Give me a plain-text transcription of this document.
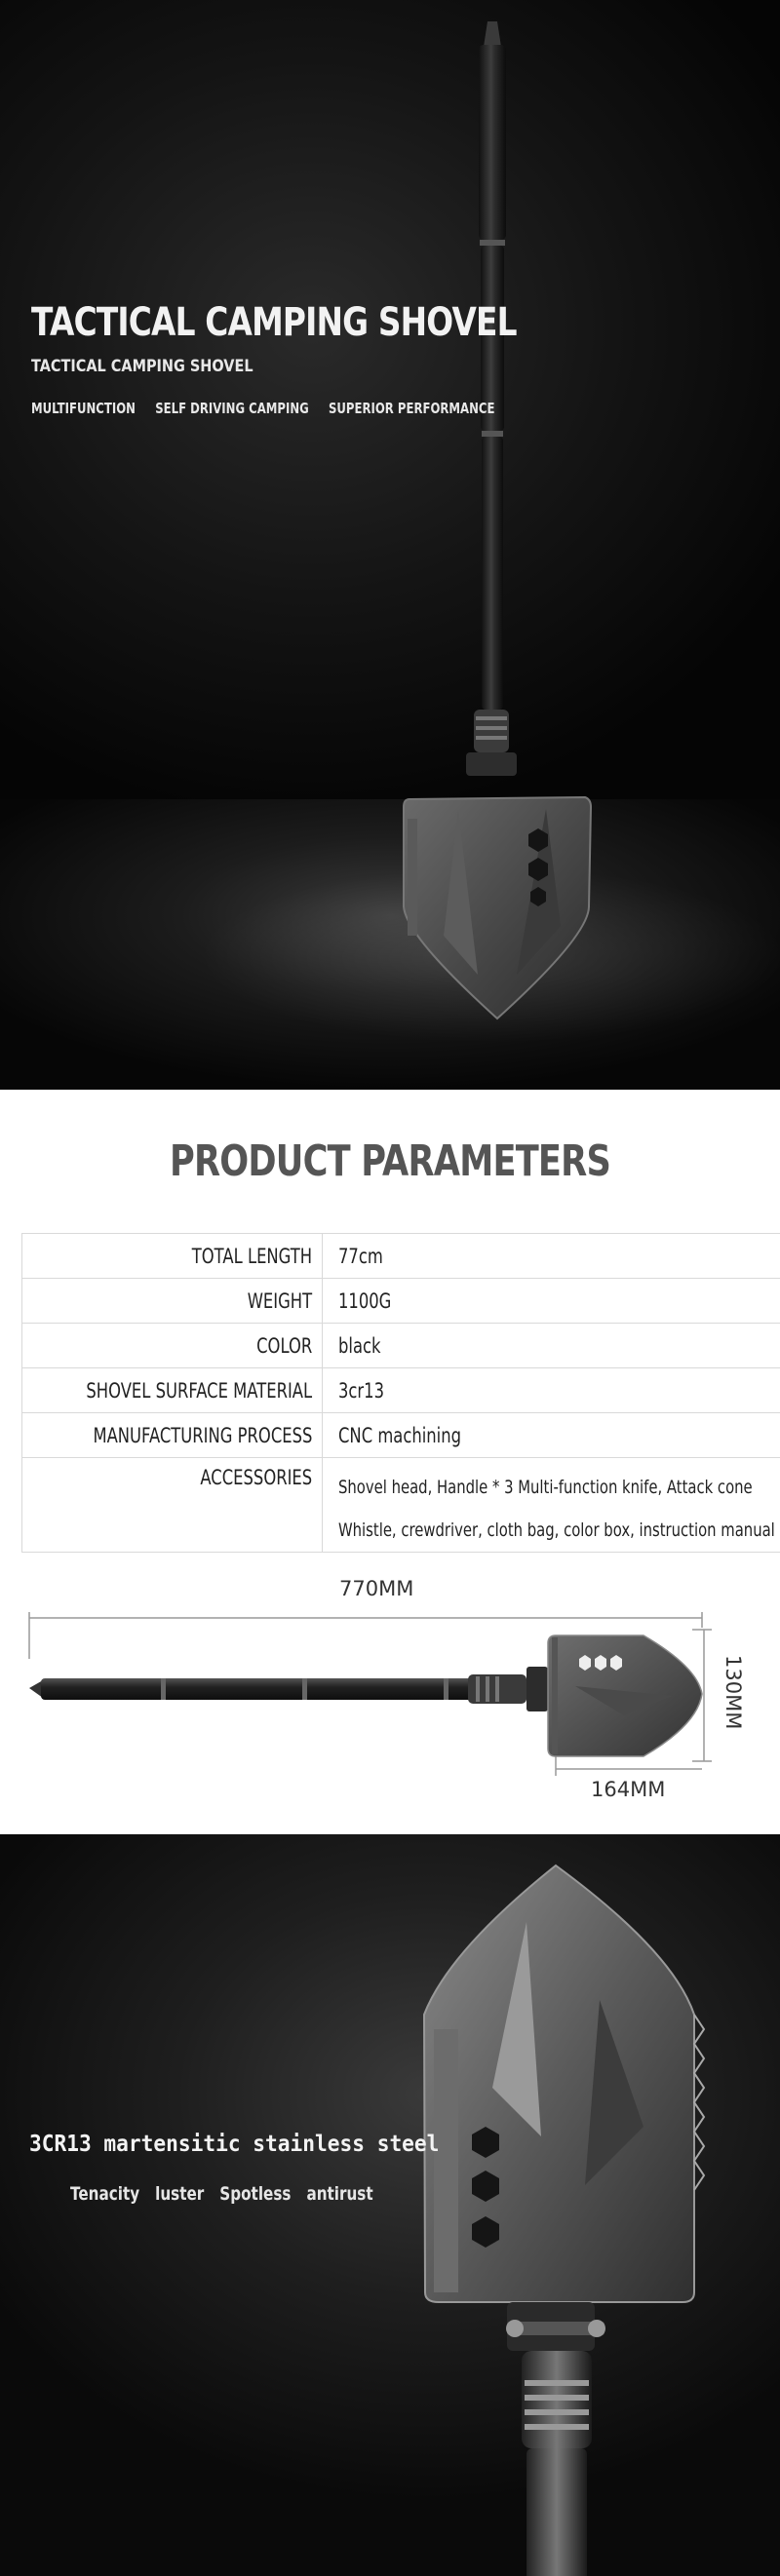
TACTICAL CAMPING SHOVEL
TACTICAL CAMPING SHOVEL
MULTIFUNCTION SELF DRIVING CAMPING SUPERIOR PERFORMANCE
PRODUCT PARAMETERS
TOTAL LENGTH	77cm
WEIGHT	1100G
COLOR	black
SHOVEL SURFACE MATERIAL	3cr13
MANUFACTURING PROCESS	CNC machining
ACCESSORIES	Shovel head, Handle * 3 Multi-function knife, Attack cone
Whistle, crewdriver, cloth bag, color box, instruction manual
770MM
130MM
164MM
3CR13 martensitic stainless steel
Tenacity luster Spotless antirust
